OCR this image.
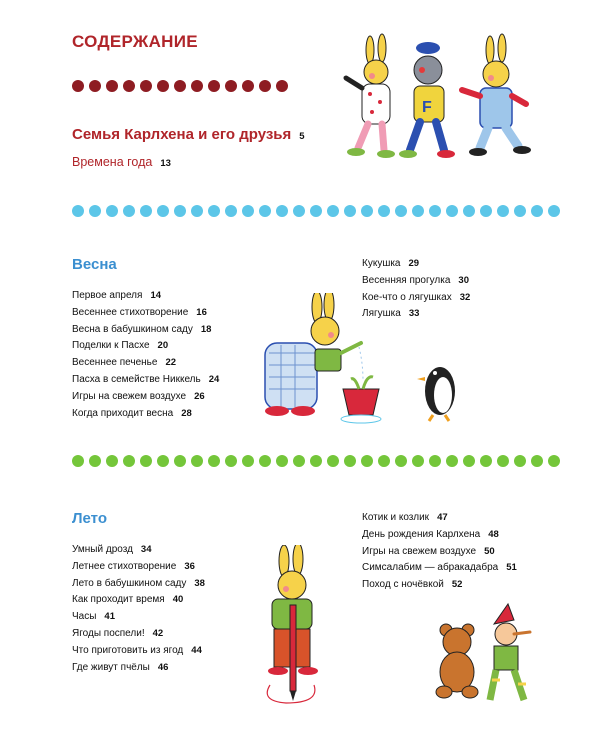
СОДЕРЖАНИЕ
Семья Карлхена и его друзья 5
Времена года 13
F
Весна
Первое апреля 14
Весеннее стихотворение 16
Весна в бабушкином саду 18
Поделки к Пасхе 20
Весеннее печенье 22
Пасха в семействе Никкель 24
Игры на свежем воздухе 26
Когда приходит весна 28
Кукушка 29
Весенняя прогулка 30
Кое-что о лягушках 32
Лягушка 33
Лето
Умный дрозд 34
Летнее стихотворение 36
Лето в бабушкином саду 38
Как проходит время 40
Часы 41
Ягоды поспели! 42
Что приготовить из ягод 44
Где живут пчёлы 46
Котик и козлик 47
День рождения Карлхена 48
Игры на свежем воздухе 50
Симсалабим — абракадабра 51
Поход с ночёвкой 52
